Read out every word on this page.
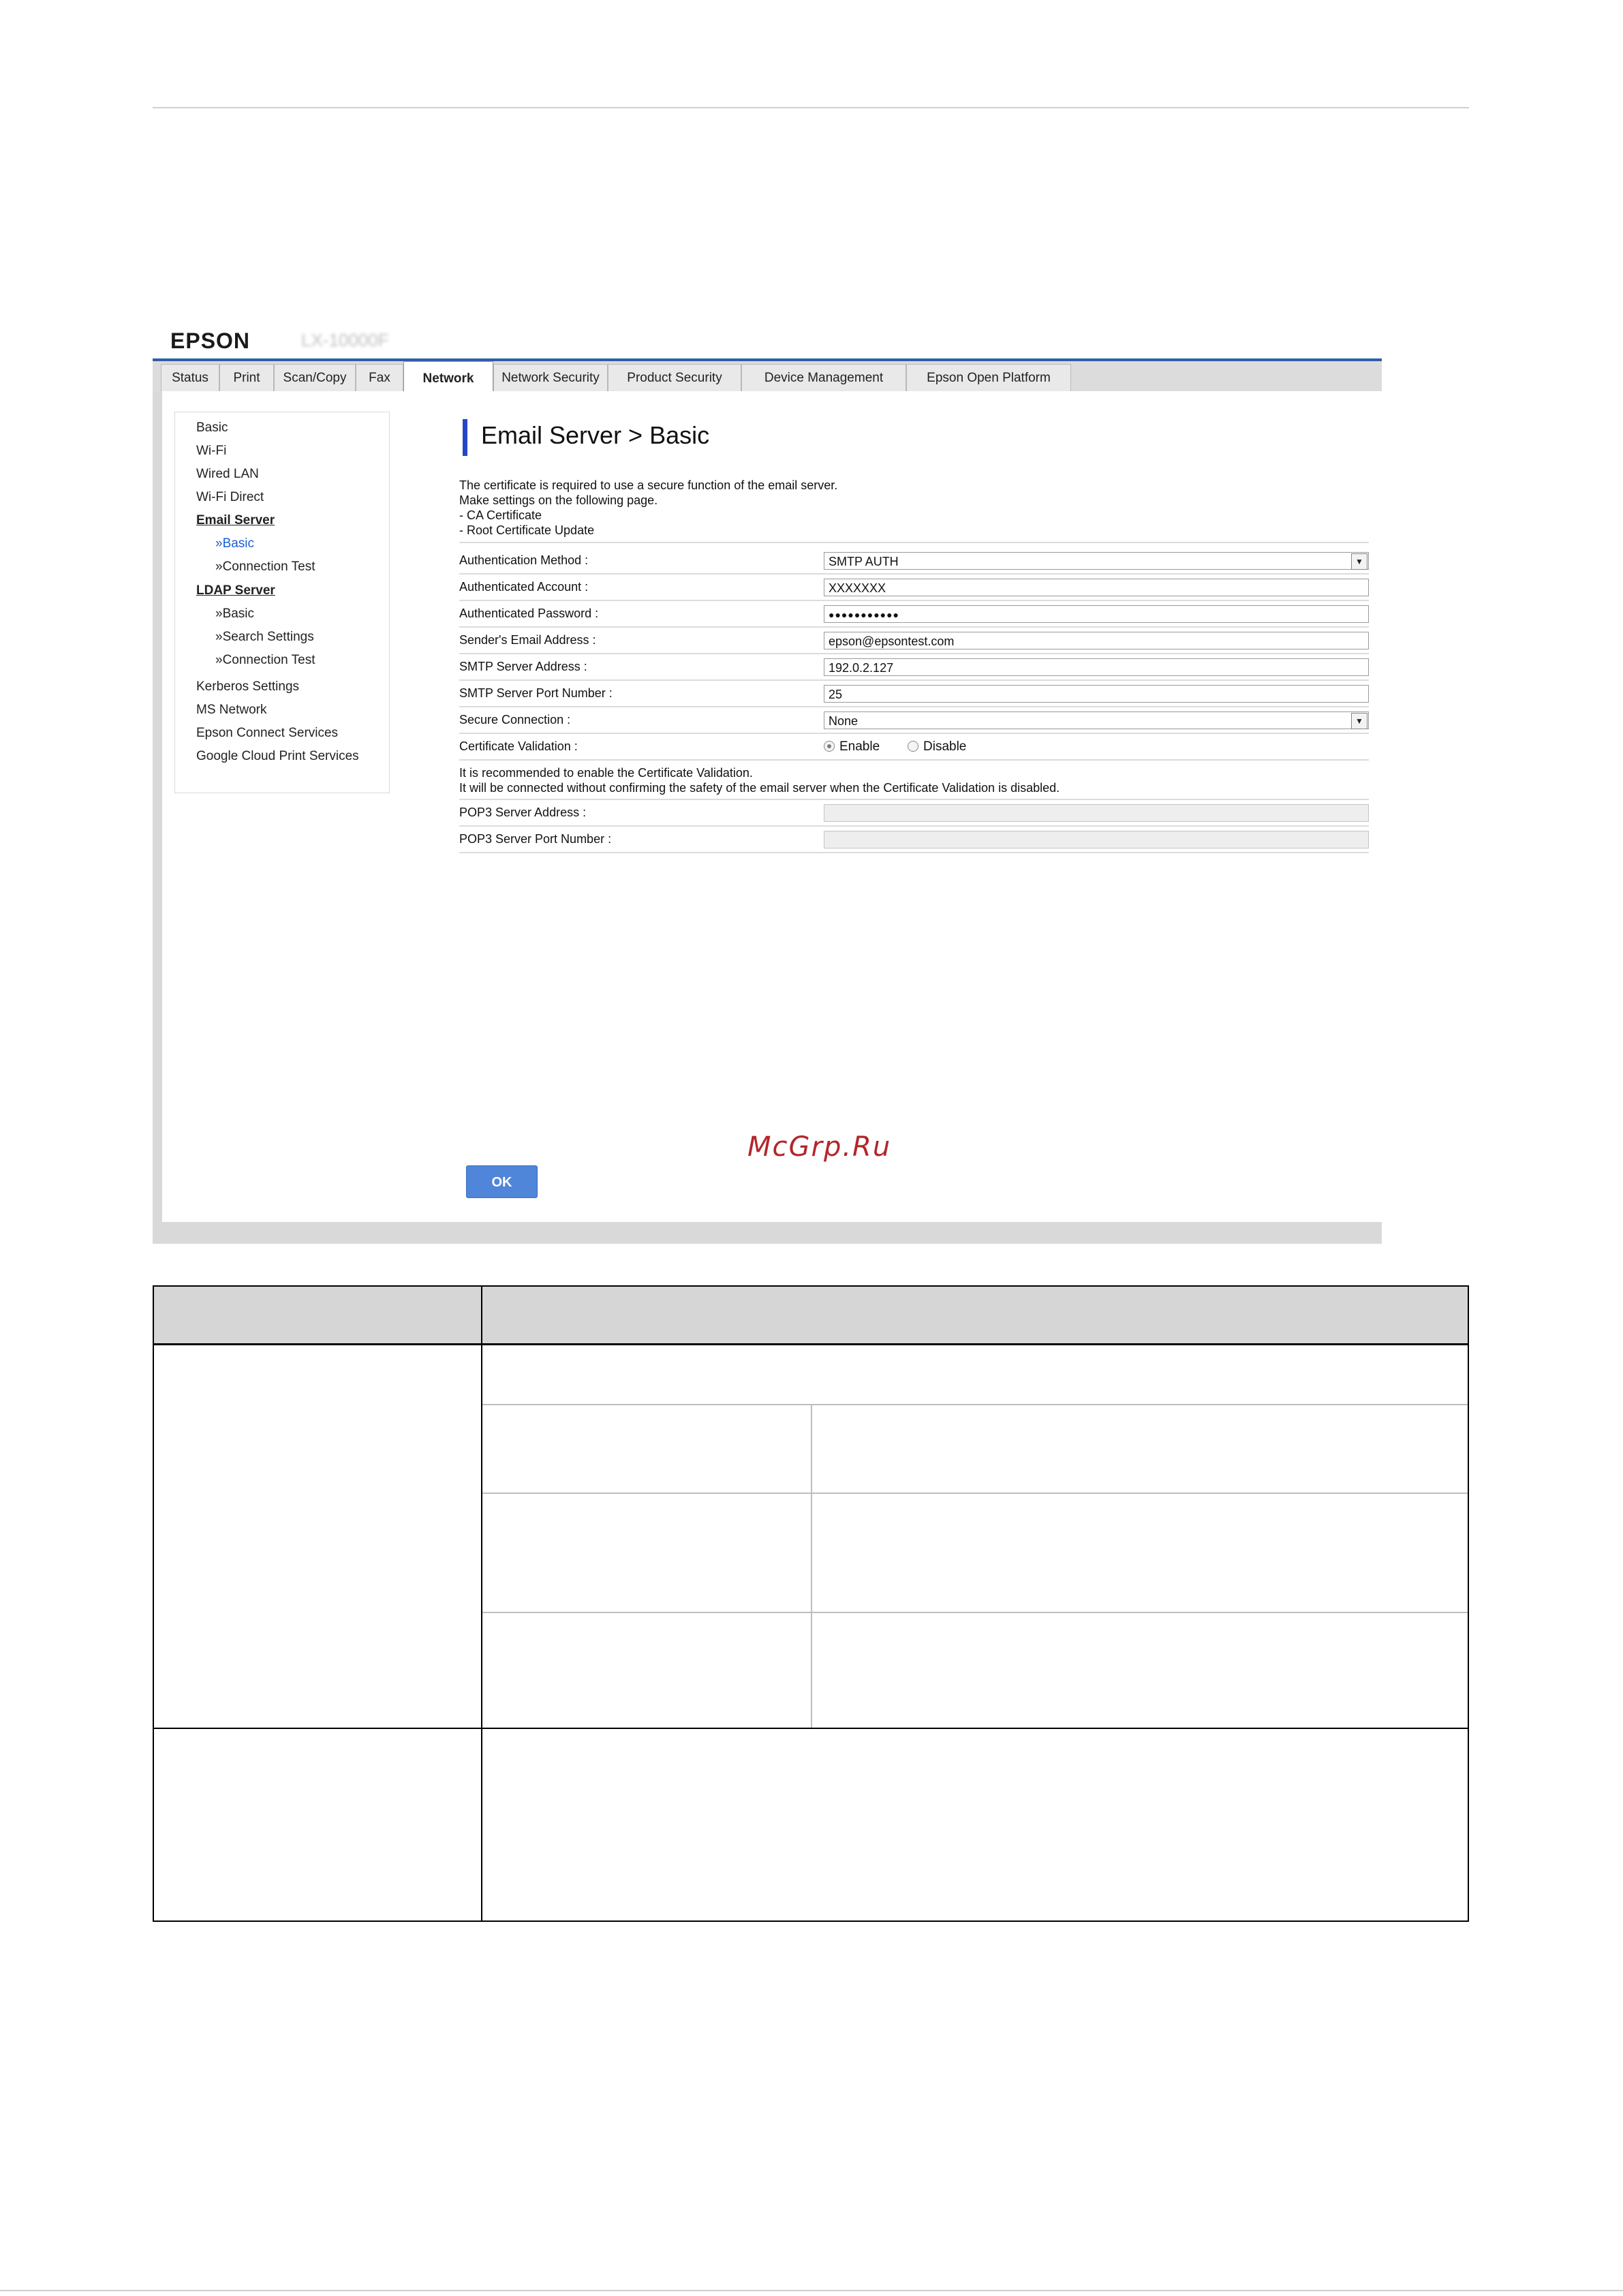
EPSON	LX-10000F
Status	Print	Scan/Copy	Fax	Network	Network Security	Product Security	Device Management	Epson Open Platform
Basic
Wi-Fi
Wired LAN
Wi-Fi Direct
Email Server
»Basic
»Connection Test
LDAP Server
»Basic
»Search Settings
»Connection Test
Kerberos Settings
MS Network
Epson Connect Services
Google Cloud Print Services
Email Server > Basic
The certificate is required to use a secure function of the email server.
Make settings on the following page.
- CA Certificate
- Root Certificate Update
Authentication Method :	SMTP AUTH	▼
Authenticated Account :	XXXXXXX
Authenticated Password :	●●●●●●●●●●●
Sender's Email Address :	epson@epsontest.com
SMTP Server Address :	192.0.2.127
SMTP Server Port Number :	25
Secure Connection :	None	▼
Certificate Validation :	Enable	Disable
It is recommended to enable the Certificate Validation.
It will be connected without confirming the safety of the email server when the Certificate Validation is disabled.
POP3 Server Address :
POP3 Server Port Number :
McGrp.Ru
OK
